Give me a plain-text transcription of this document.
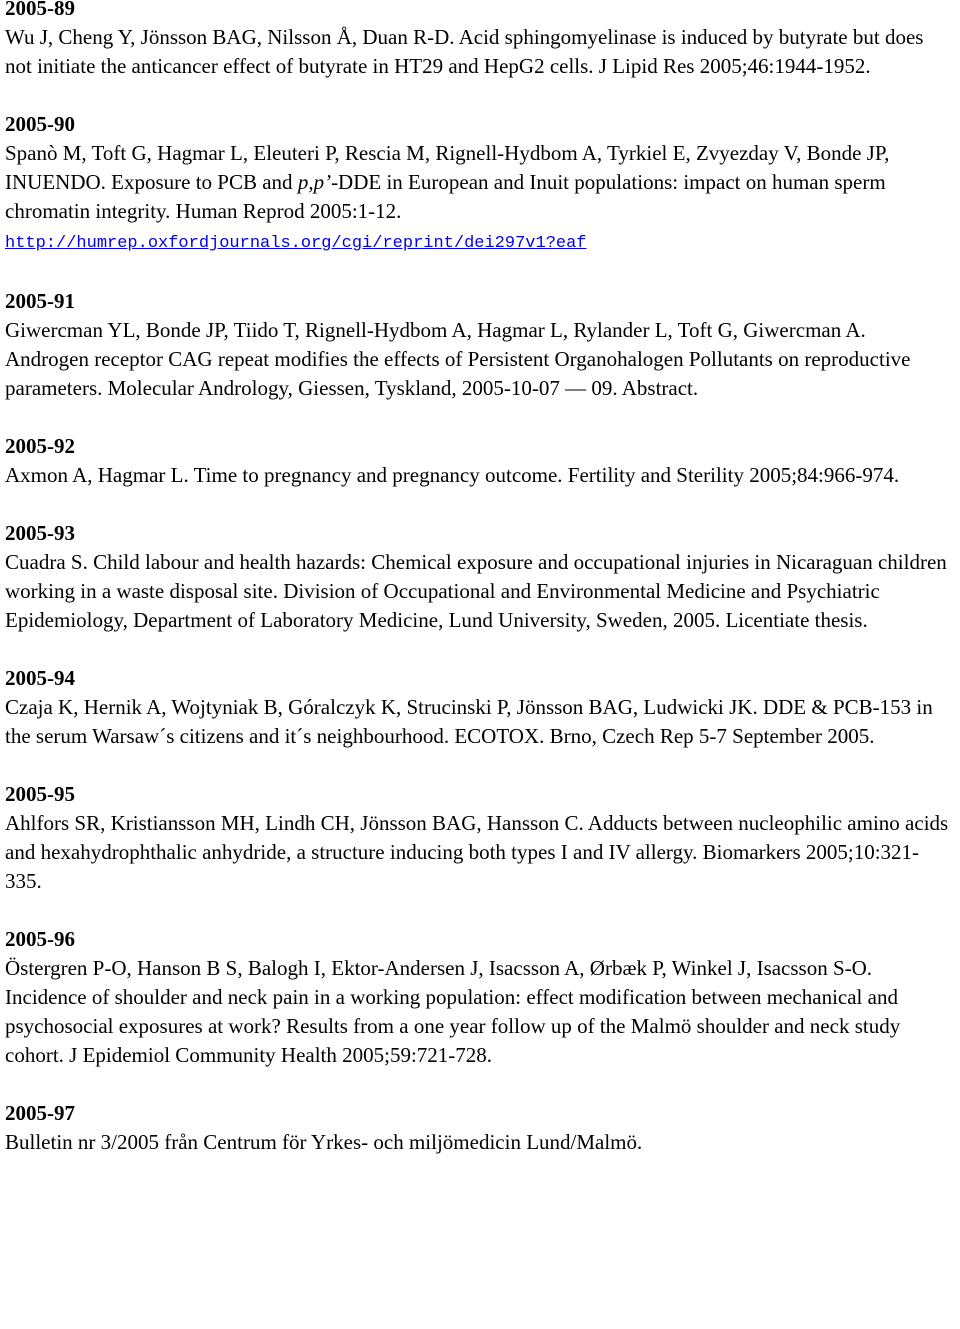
2005-89
Wu J, Cheng Y, Jönsson BAG, Nilsson Å, Duan R-D. Acid sphingomyelinase is induced by butyrate but does not initiate the anticancer effect of butyrate in HT29 and HepG2 cells. J Lipid Res 2005;46:1944-1952.
2005-90
Spanò M, Toft G, Hagmar L, Eleuteri P, Rescia M, Rignell-Hydbom A, Tyrkiel E, Zvyezday V, Bonde JP, INUENDO. Exposure to PCB and p,p’-DDE in European and Inuit populations: impact on human sperm chromatin integrity. Human Reprod 2005:1-12.
http://humrep.oxfordjournals.org/cgi/reprint/dei297v1?eaf
2005-91
Giwercman YL, Bonde JP, Tiido T, Rignell-Hydbom A, Hagmar L, Rylander L, Toft G, Giwercman A. Androgen receptor CAG repeat modifies the effects of Persistent Organohalogen Pollutants on reproductive parameters. Molecular Andrology, Giessen, Tyskland, 2005-10-07 — 09. Abstract.
2005-92
Axmon A, Hagmar L. Time to pregnancy and pregnancy outcome. Fertility and Sterility 2005;84:966-974.
2005-93
Cuadra S. Child labour and health hazards: Chemical exposure and occupational injuries in Nicaraguan children working in a waste disposal site. Division of Occupational and Environmental Medicine and Psychiatric Epidemiology, Department of Laboratory Medicine, Lund University, Sweden, 2005. Licentiate thesis.
2005-94
Czaja K, Hernik A, Wojtyniak B, Góralczyk K, Strucinski P, Jönsson BAG, Ludwicki JK. DDE & PCB-153 in the serum Warsaw´s citizens and it´s neighbourhood. ECOTOX. Brno, Czech Rep 5-7 September 2005.
2005-95
Ahlfors SR, Kristiansson MH, Lindh CH, Jönsson BAG, Hansson C. Adducts between nucleophilic amino acids and hexahydrophthalic anhydride, a structure inducing both types I and IV allergy. Biomarkers 2005;10:321-335.
2005-96
Östergren P-O, Hanson B S, Balogh I, Ektor-Andersen J, Isacsson A, Ørbæk P, Winkel J, Isacsson S-O. Incidence of shoulder and neck pain in a working population: effect modification between mechanical and psychosocial exposures at work? Results from a one year follow up of the Malmö shoulder and neck study cohort. J Epidemiol Community Health 2005;59:721-728.
2005-97
Bulletin nr 3/2005 från Centrum för Yrkes- och miljömedicin Lund/Malmö.
